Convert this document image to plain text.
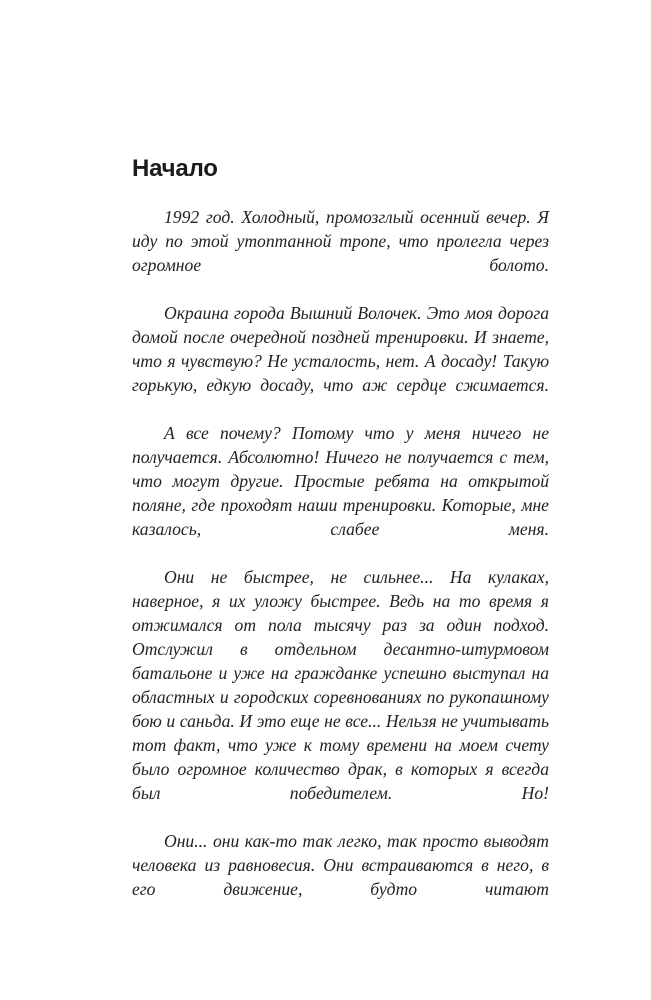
Начало

1992 год. Холодный, промозглый осенний вечер. Я иду по этой утоптанной тропе, что пролегла через огромное болото.

Окраина города Вышний Волочек. Это моя дорога домой после очередной поздней тренировки. И знаете, что я чувствую? Не усталость, нет. А досаду! Такую горькую, едкую досаду, что аж сердце сжимается.

А все почему? Потому что у меня ничего не получается. Абсолютно! Ничего не получается с тем, что могут другие. Простые ребята на открытой поляне, где проходят наши тренировки. Которые, мне казалось, слабее меня.

Они не быстрее, не сильнее... На кулаках, наверное, я их уложу быстрее. Ведь на то время я отжимался от пола тысячу раз за один подход. Отслужил в отдельном десантно-штурмовом батальоне и уже на гражданке успешно выступал на областных и городских соревнованиях по рукопашному бою и саньда. И это еще не все... Нельзя не учитывать тот факт, что уже к тому времени на моем счету было огромное количество драк, в которых я всегда был победителем. Но!

Они... они как-то так легко, так просто выводят человека из равновесия. Они встраиваются в него, в его движение, будто читают
